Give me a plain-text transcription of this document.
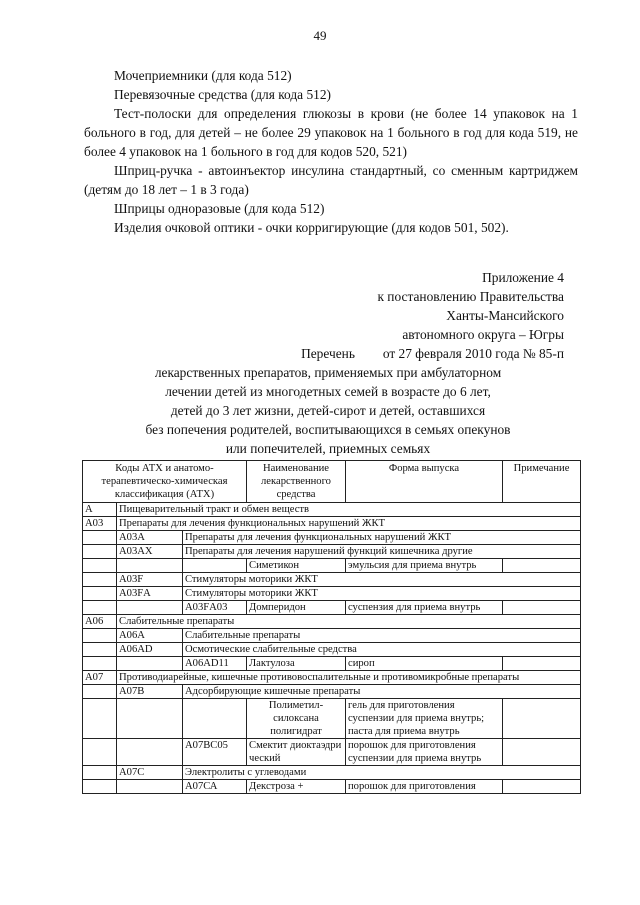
49

Мочеприемники (для кода 512)

Перевязочные средства (для кода 512)

Тест-полоски для определения глюкозы в крови (не более 14 упаковок на 1 больного в год, для детей – не более 29 упаковок на 1 больного в год для кода 519, не более 4 упаковок на 1 больного в год для кодов 520, 521)

Шприц-ручка - автоинъектор инсулина стандартный, со сменным картриджем (детям до 18 лет – 1 в 3 года)

Шприцы одноразовые (для кода 512)

Изделия очковой оптики - очки корригирующие (для кодов 501, 502).

Приложение 4
к постановлению Правительства
Ханты-Мансийского
автономного округа – Югры
от 27 февраля 2010 года № 85-п
Перечень
лекарственных препаратов, применяемых при амбулаторном
лечении детей из многодетных семей в возрасте до 6 лет,
детей до 3 лет жизни, детей-сирот и детей, оставшихся
без попечения родителей, воспитывающихся в семьях опекунов
или попечителей, приемных семьях
Коды АТХ и анатомо-терапевтическо-химическая классификация (АТХ)			Наименование лекарственного средства	Форма выпуска	Примечание
А	Пищеварительный тракт и обмен веществ				
А03	Препараты для лечения функциональных нарушений ЖКТ				
	А03А	Препараты для лечения функциональных нарушений ЖКТ			
	А03АХ	Препараты для лечения нарушений функций кишечника другие			
			Симетикон	эмульсия для приема внутрь	
	А03F	Стимуляторы моторики ЖКТ			
	А03FА	Стимуляторы моторики ЖКТ			
		А03FА03	Домперидон	суспензия для приема внутрь	
А06	Слабительные препараты				
	А06А	Слабительные препараты			
	А06АD	Осмотические слабительные средства			
		А06АD11	Лактулоза	сироп	
А07	Противодиарейные, кишечные противовоспалительные и противомикробные препараты				
	А07В	Адсорбирующие кишечные препараты			
			Полиметил-силоксана полигидрат	гель для приготовления суспензии для приема внутрь; паста для приема внутрь	
		А07ВС05	Смектит диоктаэдрический	порошок для приготовления суспензии для приема внутрь	
	А07С	Электролиты с углеводами			
		А07СА	Декстроза +	порошок для приготовления	
